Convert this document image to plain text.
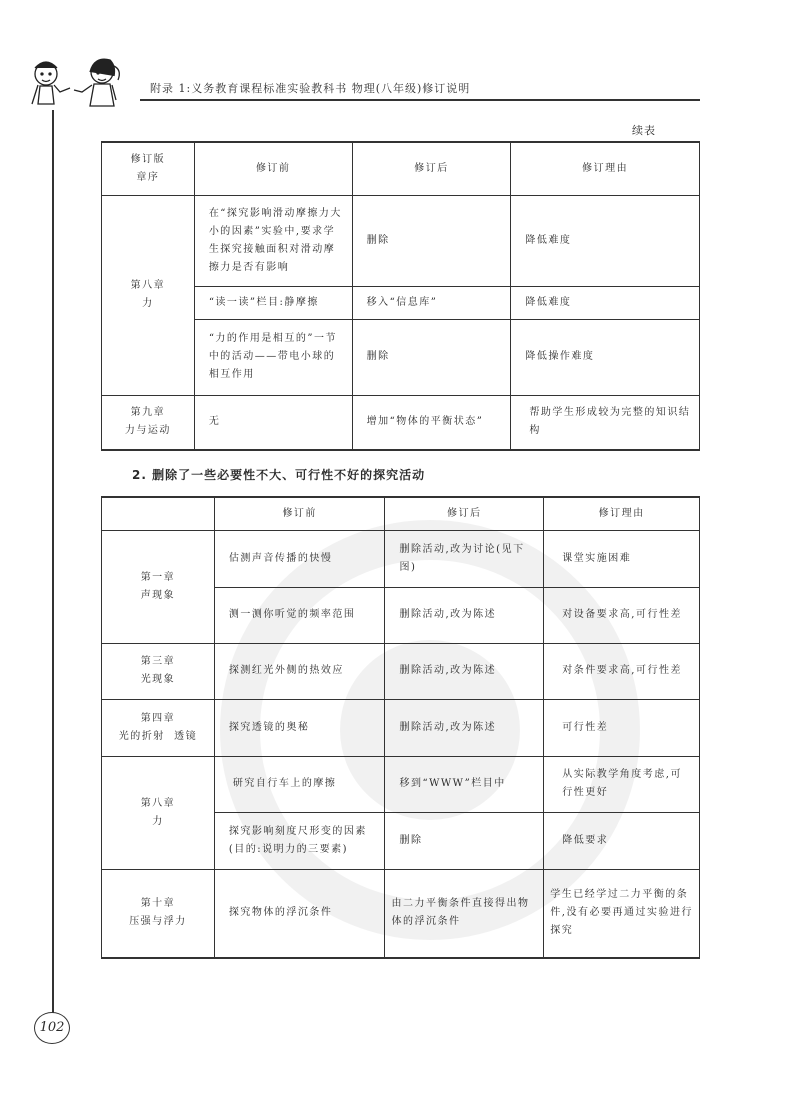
附录 1:义务教育课程标准实验教科书 物理(八年级)修订说明
续表
修订版
章序	修订前	修订后	修订理由
第八章
力	在“探究影响滑动摩擦力大小的因素”实验中,要求学生探究接触面积对滑动摩擦力是否有影响	删除	降低难度
	“读一读”栏目:静摩擦	移入“信息库”	降低难度
	“力的作用是相互的”一节中的活动——带电小球的相互作用	删除	降低操作难度
第九章
力与运动	无	增加“物体的平衡状态”	帮助学生形成较为完整的知识结构
2. 删除了一些必要性不大、可行性不好的探究活动
	修订前	修订后	修订理由
第一章
声现象	估测声音传播的快慢	删除活动,改为讨论(见下图)	课堂实施困难
	测一测你听觉的频率范围	删除活动,改为陈述	对设备要求高,可行性差
第三章
光现象	探测红光外侧的热效应	删除活动,改为陈述	对条件要求高,可行性差
第四章
光的折射  透镜	探究透镜的奥秘	删除活动,改为陈述	可行性差
第八章
力	研究自行车上的摩擦	移到“WWW”栏目中	从实际教学角度考虑,可行性更好
	探究影响刻度尺形变的因素(目的:说明力的三要素)	删除	降低要求
第十章
压强与浮力	探究物体的浮沉条件	由二力平衡条件直接得出物体的浮沉条件	学生已经学过二力平衡的条件,没有必要再通过实验进行探究
102
